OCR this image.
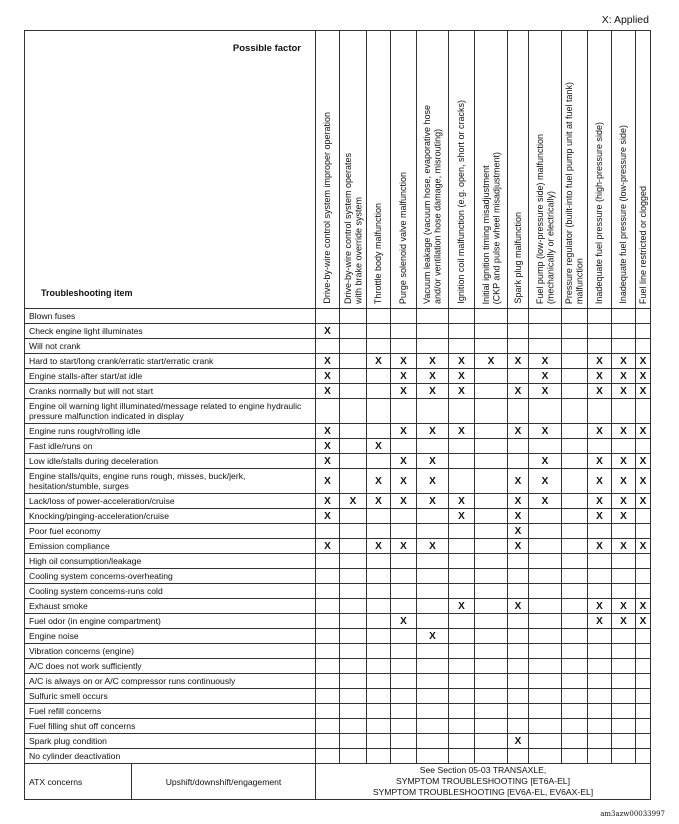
X: Applied
Possible factor
Troubleshooting item		Drive-by-wire control system improper operation	Drive-by-wire control system operates
with brake override system	Throttle body malfunction	Purge solenoid valve malfunction	Vacuum leakage (vacuum hose, evaporative hose
and/or ventilation hose damage, misrouting)	Ignition coil malfunction (e.g. open, short or cracks)	Initial ignition timing misadjustment
(CKP and pulse wheel misadjustment)	Spark plug malfunction	Fuel pump (low-pressure side) malfunction
(mechanically or electrically)	Pressure regulator (built-into fuel pump unit at fuel tank)
malfunction	Inadequate fuel pressure (high-pressure side)	Inadequate fuel pressure (low-pressure side)	Fuel line restricted or clogged

Blown fuses														
Check engine light illuminates		X												
Will not crank														
Hard to start/long crank/erratic start/erratic crank		X		X	X	X	X	X	X	X		X	X	X
Engine stalls-after start/at idle		X			X	X	X			X		X	X	X
Cranks normally but will not start		X			X	X	X		X	X		X	X	X
Engine oil warning light illuminated/message related to engine hydraulic pressure malfunction indicated in display														
Engine runs rough/rolling idle		X			X	X	X		X	X		X	X	X
Fast idle/runs on		X		X										
Low idle/stalls during deceleration		X			X	X				X		X	X	X
Engine stalls/quits, engine runs rough, misses, buck/jerk, hesitation/stumble, surges		X		X	X	X			X	X		X	X	X
Lack/loss of power-acceleration/cruise		X	X	X	X	X	X		X	X		X	X	X
Knocking/pinging-acceleration/cruise		X					X		X			X	X	
Poor fuel economy									X					
Emission compliance		X		X	X	X			X			X	X	X
High oil consumption/leakage														
Cooling system concerns-overheating														
Cooling system concerns-runs cold														
Exhaust smoke							X		X			X	X	X
Fuel odor (in engine compartment)					X							X	X	X
Engine noise						X								
Vibration concerns (engine)														
A/C does not work sufficiently														
A/C is always on or A/C compressor runs continuously														
Sulfuric smell occurs														
Fuel refill concerns														
Fuel filling shut off concerns														
Spark plug condition									X					
No cylinder deactivation														
ATX concerns	Upshift/downshift/engagement	See Section 05-03 TRANSAXLE,
SYMPTOM TROUBLESHOOTING [ET6A-EL]
SYMPTOM TROUBLESHOOTING [EV6A-EL, EV6AX-EL]												
am3azw00033997
